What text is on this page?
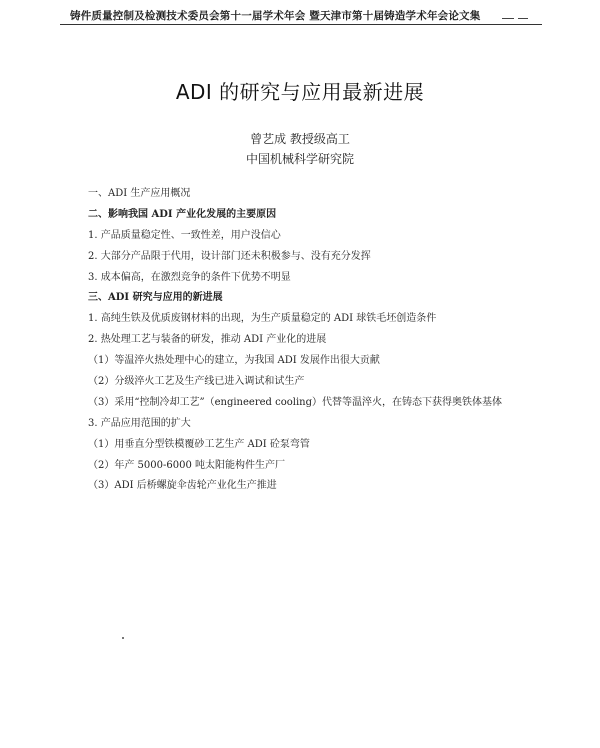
铸件质量控制及检测技术委员会第十一届学术年会 暨天津市第十届铸造学术年会论文集
ADI 的研究与应用最新进展
曾艺成 教授级高工
中国机械科学研究院
一、ADI 生产应用概况
二、影响我国 ADI 产业化发展的主要原因
1. 产品质量稳定性、一致性差，用户没信心
2. 大部分产品限于代用，设计部门还未积极参与、没有充分发挥
3. 成本偏高，在激烈竞争的条件下优势不明显
三、ADI 研究与应用的新进展
1. 高纯生铁及优质废钢材料的出现，为生产质量稳定的 ADI 球铁毛坯创造条件
2. 热处理工艺与装备的研发，推动 ADI 产业化的进展
（1）等温淬火热处理中心的建立，为我国 ADI 发展作出很大贡献
（2）分级淬火工艺及生产线已进入调试和试生产
（3）采用“控制冷却工艺”（engineered cooling）代替等温淬火，在铸态下获得奥铁体基体
3. 产品应用范围的扩大
（1）用垂直分型铁模覆砂工艺生产 ADI 砼泵弯管
（2）年产 5000-6000 吨太阳能构件生产厂
（3）ADI 后桥螺旋伞齿轮产业化生产推进
